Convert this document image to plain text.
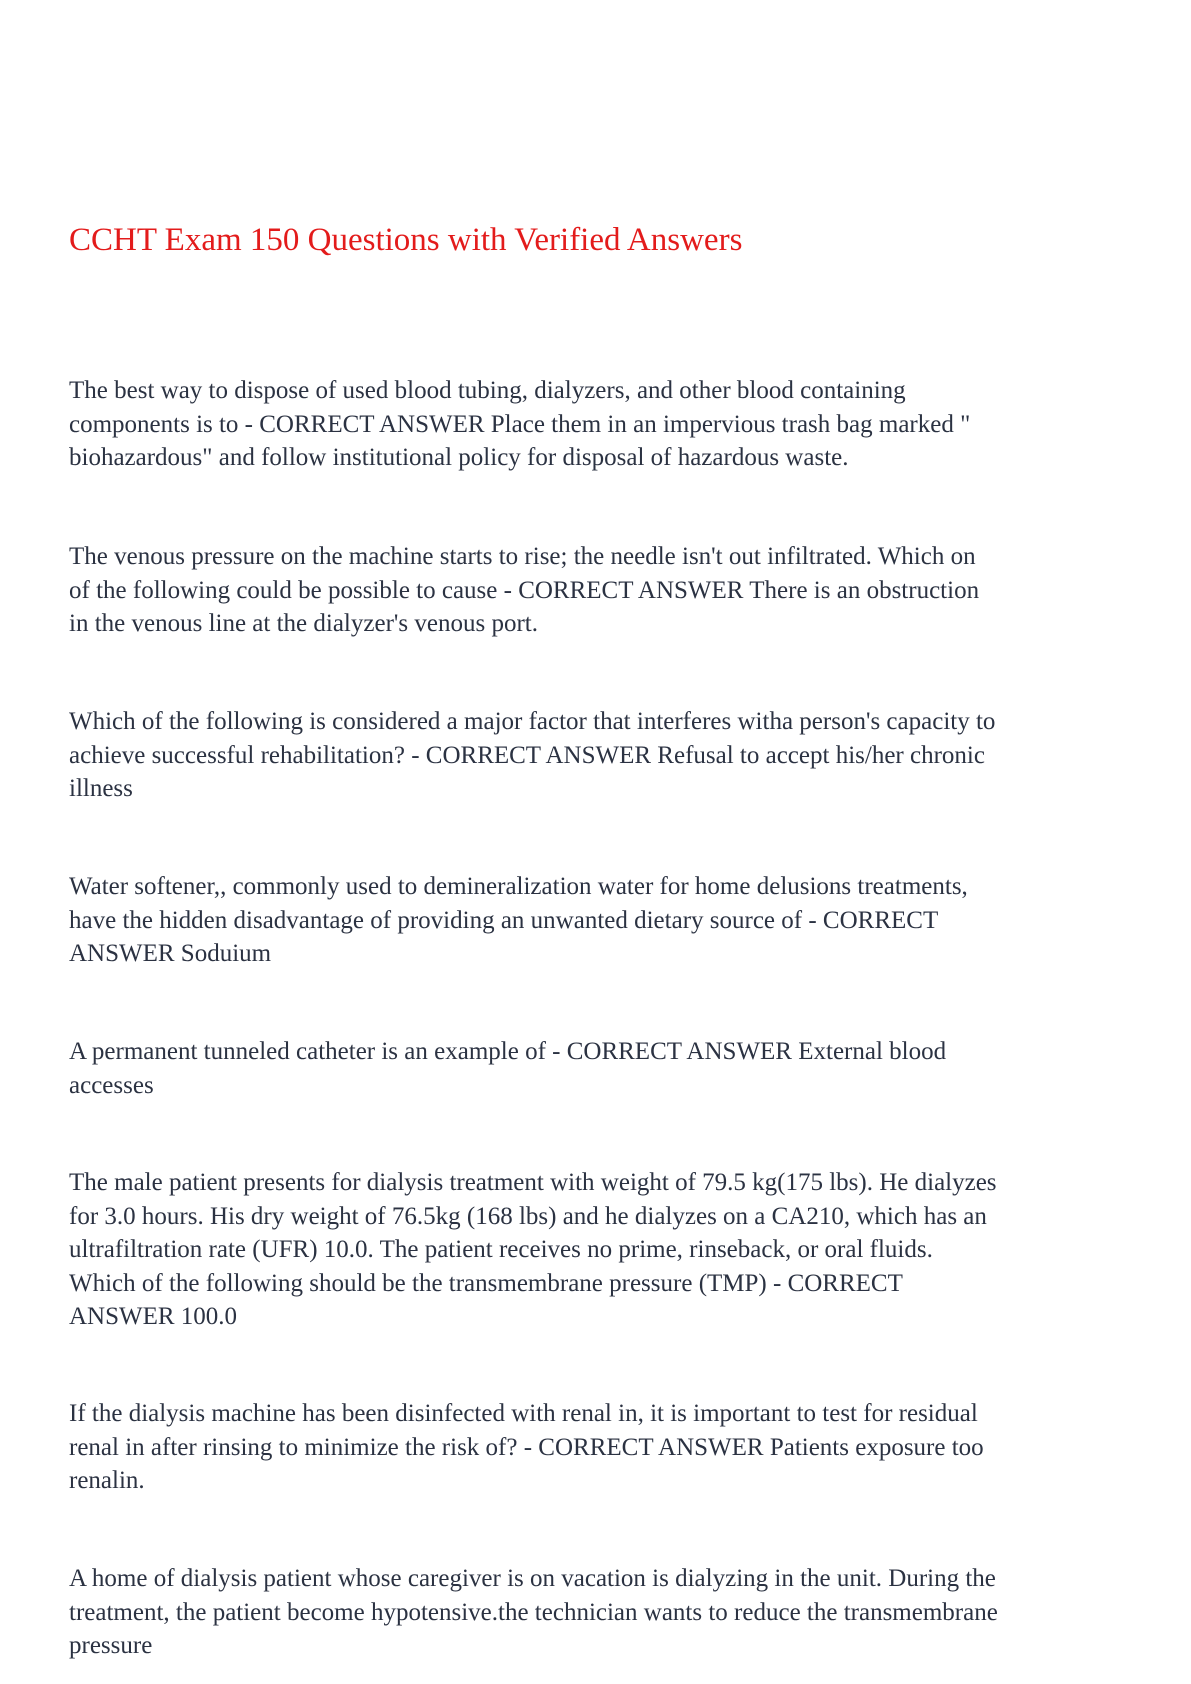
CCHT Exam 150 Questions with Verified Answers

The best way to dispose of used blood tubing, dialyzers, and other blood containing
components is to - CORRECT ANSWER Place them in an impervious trash bag marked "
biohazardous" and follow institutional policy for disposal of hazardous waste.

The venous pressure on the machine starts to rise; the needle isn't out infiltrated. Which on
of the following could be possible to cause - CORRECT ANSWER There is an obstruction
in the venous line at the dialyzer's venous port.

Which of the following is considered a major factor that interferes witha person's capacity to
achieve successful rehabilitation? - CORRECT ANSWER Refusal to accept his/her chronic
illness

Water softener,, commonly used to demineralization water for home delusions treatments,
have the hidden disadvantage of providing an unwanted dietary source of - CORRECT
ANSWER Soduium

A permanent tunneled catheter is an example of - CORRECT ANSWER External blood
accesses

The male patient presents for dialysis treatment with weight of 79.5 kg(175 lbs). He dialyzes
for 3.0 hours. His dry weight of 76.5kg (168 lbs) and he dialyzes on a CA210, which has an
ultrafiltration rate (UFR) 10.0. The patient receives no prime, rinseback, or oral fluids.
Which of the following should be the transmembrane pressure (TMP) - CORRECT
ANSWER 100.0

If the dialysis machine has been disinfected with renal in, it is important to test for residual
renal in after rinsing to minimize the risk of? - CORRECT ANSWER Patients exposure too
renalin.

A home of dialysis patient whose caregiver is on vacation is dialyzing in the unit. During the
treatment, the patient become hypotensive.the technician wants to reduce the transmembrane
pressure
